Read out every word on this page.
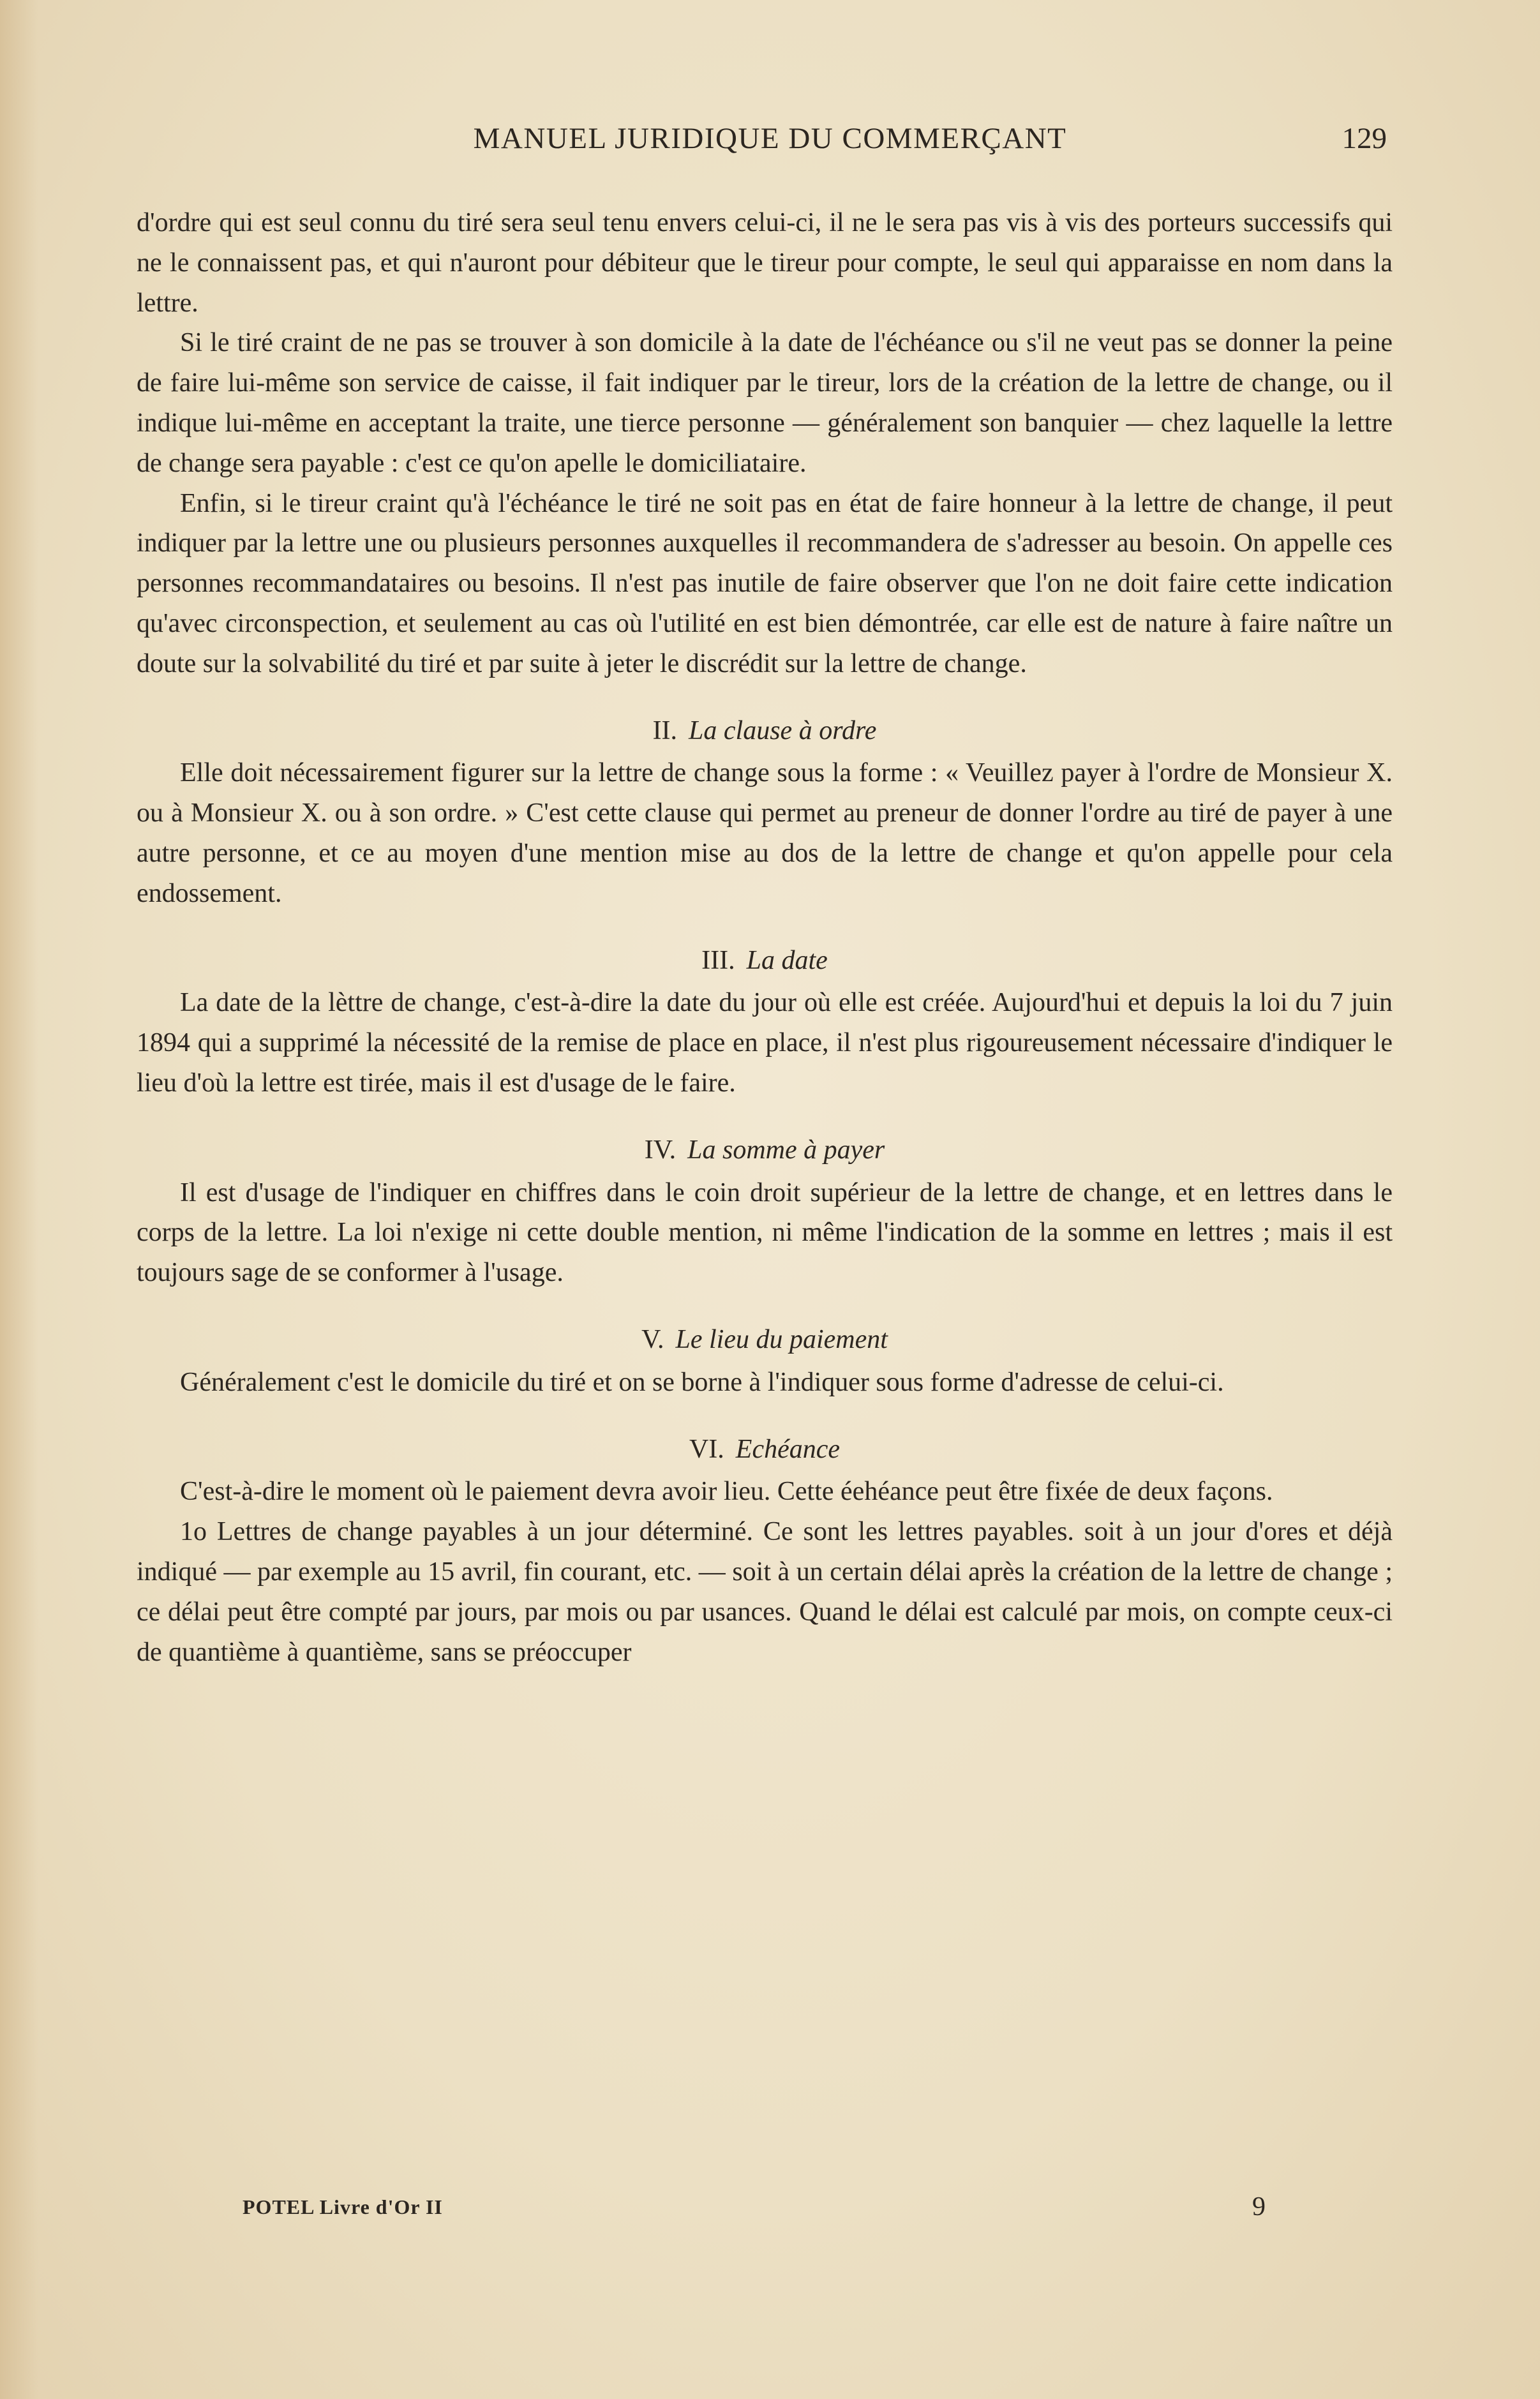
MANUEL JURIDIQUE DU COMMERÇANT	129

d'ordre qui est seul connu du tiré sera seul tenu envers celui-ci, il ne le sera pas vis à vis des porteurs successifs qui ne le connaissent pas, et qui n'auront pour débiteur que le tireur pour compte, le seul qui apparaisse en nom dans la lettre.

Si le tiré craint de ne pas se trouver à son domicile à la date de l'échéance ou s'il ne veut pas se donner la peine de faire lui-même son service de caisse, il fait indiquer par le tireur, lors de la création de la lettre de change, ou il indique lui-même en acceptant la traite, une tierce personne — généralement son banquier — chez laquelle la lettre de change sera payable : c'est ce qu'on apelle le domiciliataire.

Enfin, si le tireur craint qu'à l'échéance le tiré ne soit pas en état de faire honneur à la lettre de change, il peut indiquer par la lettre une ou plusieurs personnes auxquelles il recommandera de s'adresser au besoin. On appelle ces personnes recommandataires ou besoins. Il n'est pas inutile de faire observer que l'on ne doit faire cette indication qu'avec circonspection, et seulement au cas où l'utilité en est bien démontrée, car elle est de nature à faire naître un doute sur la solvabilité du tiré et par suite à jeter le discrédit sur la lettre de change.

II. La clause à ordre

Elle doit nécessairement figurer sur la lettre de change sous la forme : « Veuillez payer à l'ordre de Monsieur X. ou à Monsieur X. ou à son ordre. » C'est cette clause qui permet au preneur de donner l'ordre au tiré de payer à une autre personne, et ce au moyen d'une mention mise au dos de la lettre de change et qu'on appelle pour cela endossement.

III. La date

La date de la lèttre de change, c'est-à-dire la date du jour où elle est créée. Aujourd'hui et depuis la loi du 7 juin 1894 qui a supprimé la nécessité de la remise de place en place, il n'est plus rigoureusement nécessaire d'indiquer le lieu d'où la lettre est tirée, mais il est d'usage de le faire.

IV. La somme à payer

Il est d'usage de l'indiquer en chiffres dans le coin droit supérieur de la lettre de change, et en lettres dans le corps de la lettre. La loi n'exige ni cette double mention, ni même l'indication de la somme en lettres ; mais il est toujours sage de se conformer à l'usage.

V. Le lieu du paiement

Généralement c'est le domicile du tiré et on se borne à l'indiquer sous forme d'adresse de celui-ci.

VI. Echéance

C'est-à-dire le moment où le paiement devra avoir lieu. Cette éehéance peut être fixée de deux façons.

1o Lettres de change payables à un jour déterminé. Ce sont les lettres payables. soit à un jour d'ores et déjà indiqué — par exemple au 15 avril, fin courant, etc. — soit à un certain délai après la création de la lettre de change ; ce délai peut être compté par jours, par mois ou par usances. Quand le délai est calculé par mois, on compte ceux-ci de quantième à quantième, sans se préoccuper

POTEL Livre d'Or II	9
